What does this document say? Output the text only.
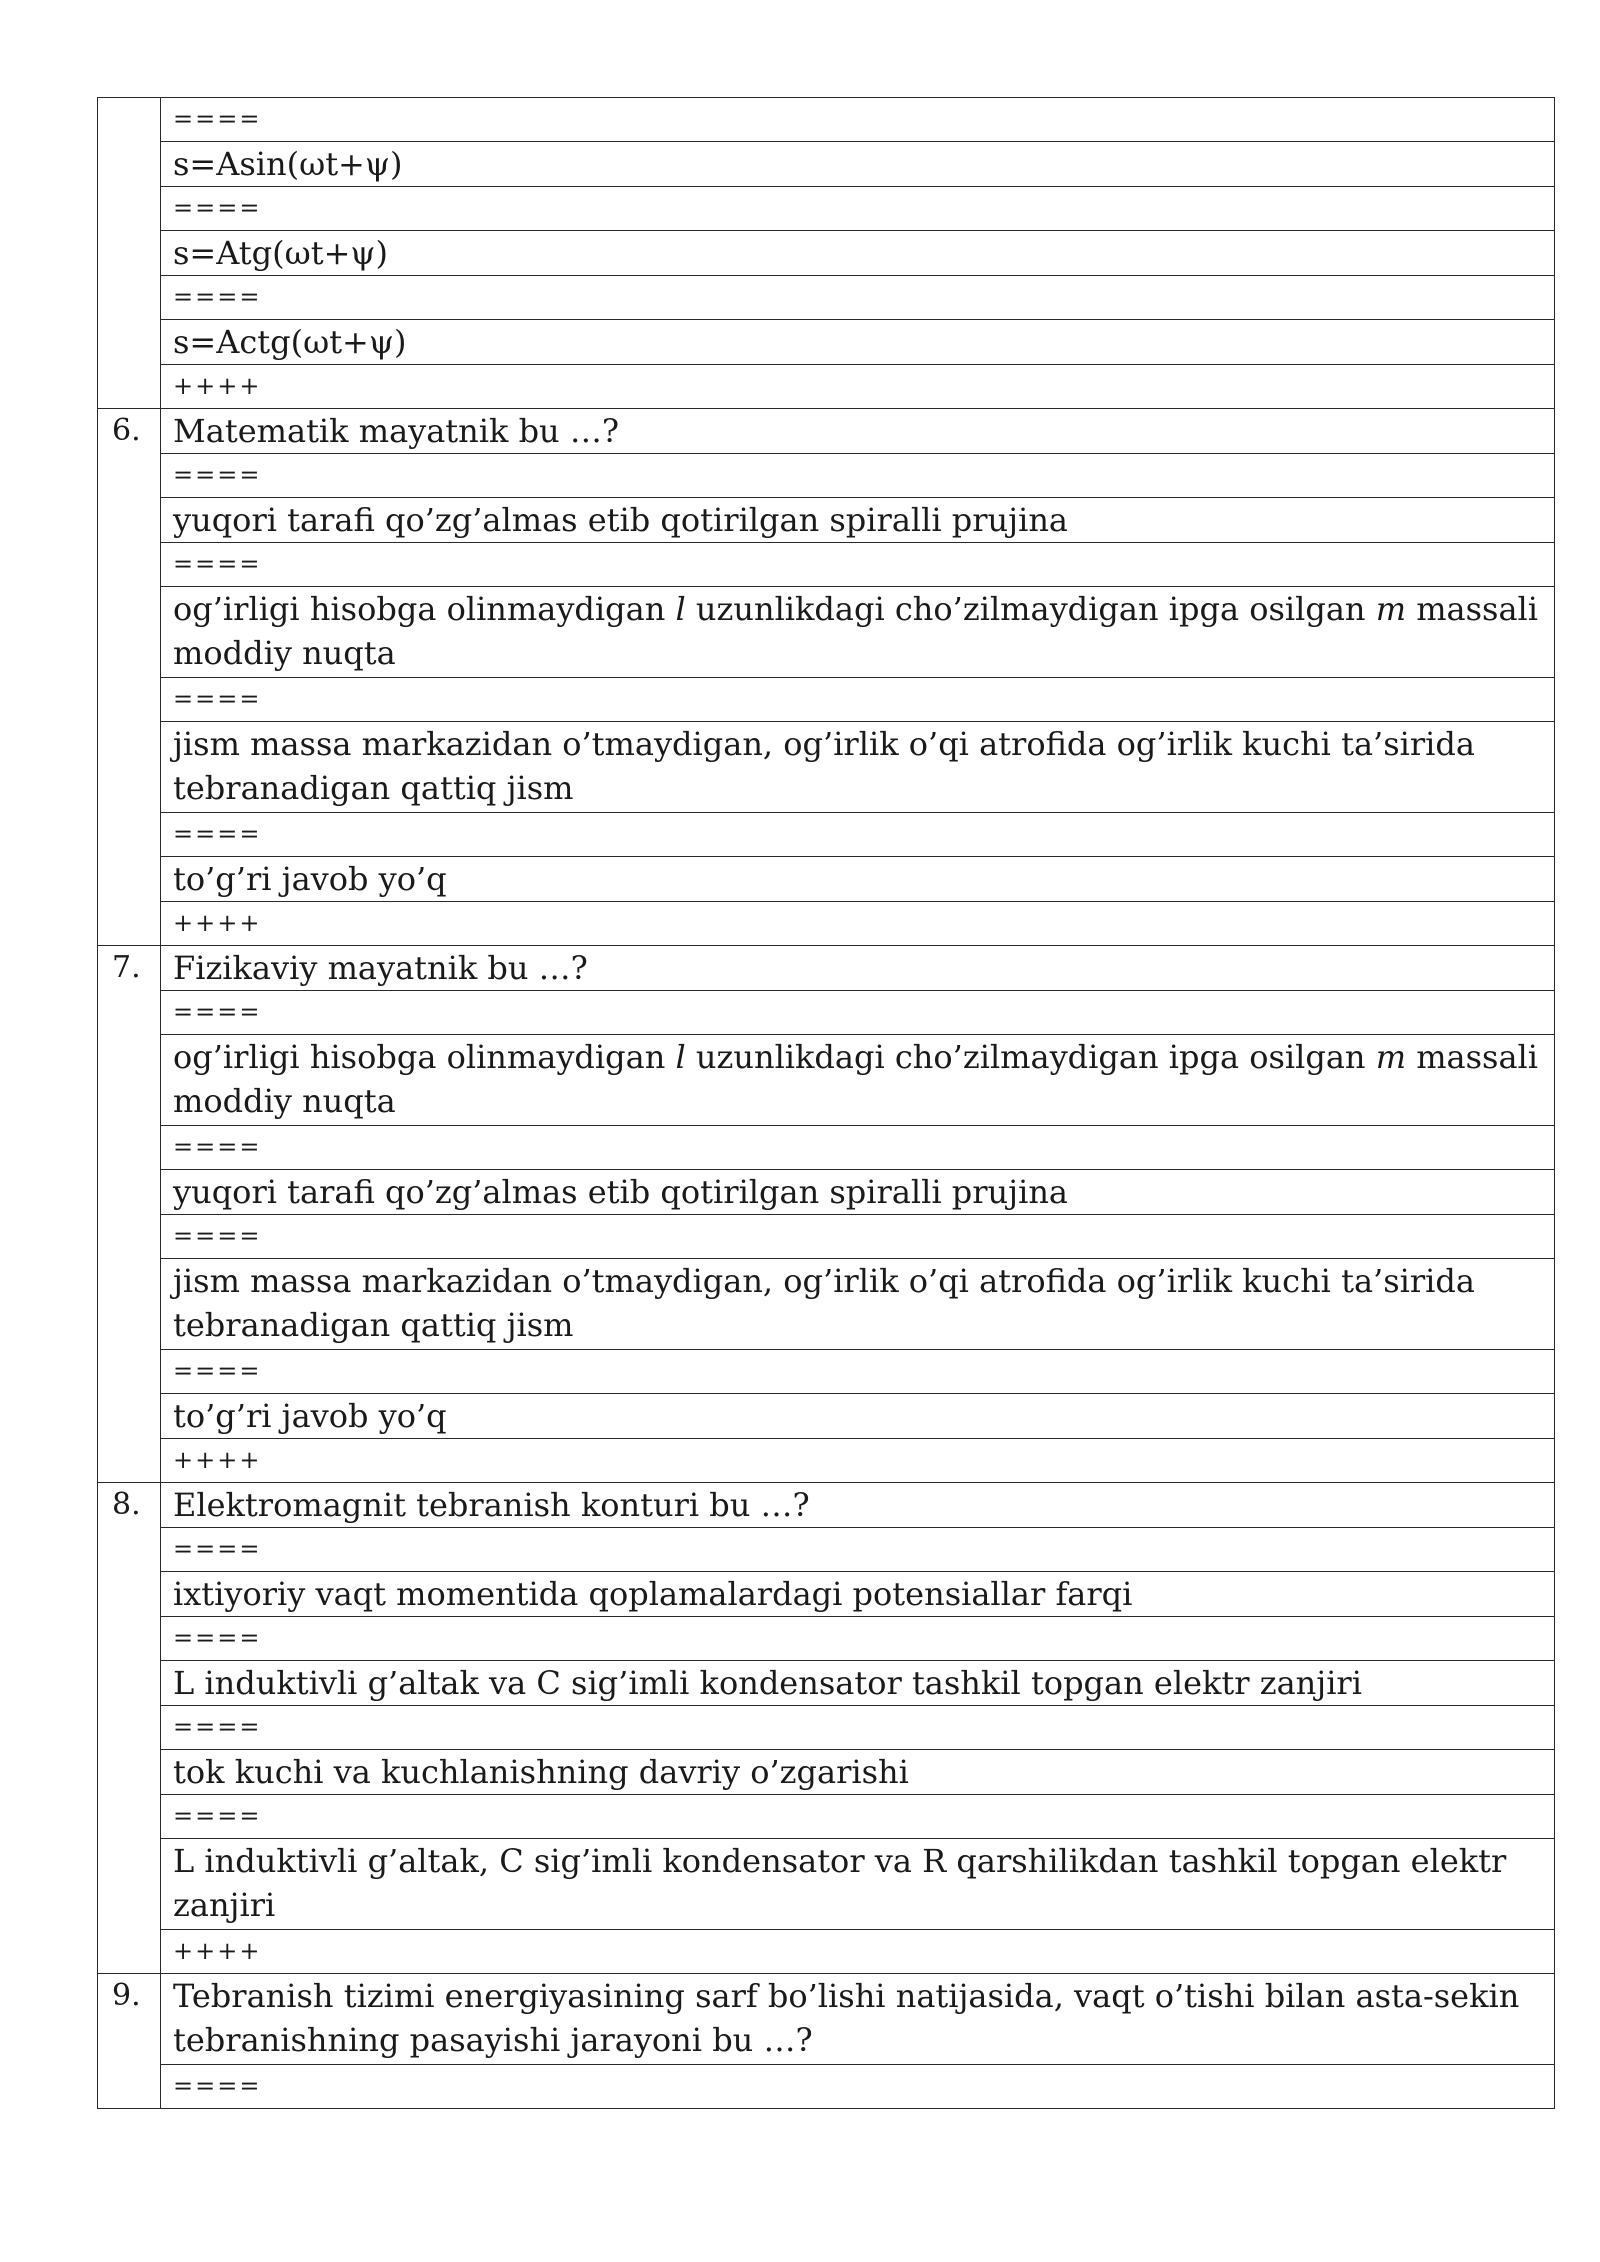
	====
	s=Asin(ωt+ψ)
	====
	s=Atg(ωt+ψ)
	====
	s=Actg(ωt+ψ)
	++++
6.	Matematik mayatnik bu …?
	====
	yuqori tarafi qo’zg’almas etib qotirilgan spiralli prujina
	====
	og’irligi hisobga olinmaydigan l uzunlikdagi cho’zilmaydigan ipga osilgan m massali moddiy nuqta
	====
	jism massa markazidan o’tmaydigan, og’irlik o’qi atrofida og’irlik kuchi ta’sirida tebranadigan qattiq jism
	====
	to’g’ri javob yo’q
	++++
7.	Fizikaviy mayatnik bu …?
	====
	og’irligi hisobga olinmaydigan l uzunlikdagi cho’zilmaydigan ipga osilgan m massali moddiy nuqta
	====
	yuqori tarafi qo’zg’almas etib qotirilgan spiralli prujina
	====
	jism massa markazidan o’tmaydigan, og’irlik o’qi atrofida og’irlik kuchi ta’sirida tebranadigan qattiq jism
	====
	to’g’ri javob yo’q
	++++
8.	Elektromagnit tebranish konturi bu …?
	====
	ixtiyoriy vaqt momentida qoplamalardagi potensiallar farqi
	====
	L induktivli g’altak va C sig’imli kondensator tashkil topgan elektr zanjiri
	====
	tok kuchi va kuchlanishning davriy o’zgarishi
	====
	L induktivli g’altak, C sig’imli kondensator va R qarshilikdan tashkil topgan elektr zanjiri
	++++
9.	Tebranish tizimi energiyasining sarf bo’lishi natijasida, vaqt o’tishi bilan asta-sekin tebranishning pasayishi jarayoni bu …?
	====
